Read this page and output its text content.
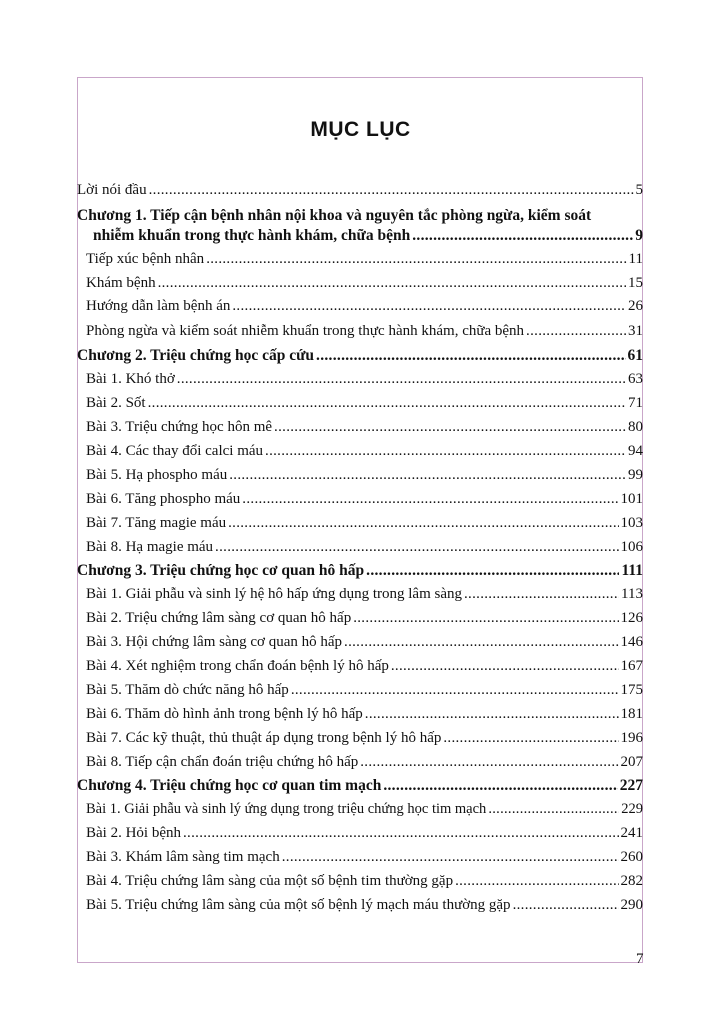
MỤC LỤC
Lời nói đầu .....	5
Chương 1. Tiếp cận bệnh nhân nội khoa và nguyên tắc phòng ngừa, kiểm soát
nhiễm khuẩn trong thực hành khám, chữa bệnh .....	9
Tiếp xúc bệnh nhân .....	11
Khám bệnh .....	15
Hướng dẫn làm bệnh án .....	26
Phòng ngừa và kiểm soát nhiễm khuẩn trong thực hành khám, chữa bệnh .....	31
Chương 2. Triệu chứng học cấp cứu .....	61
Bài 1. Khó thở .....	63
Bài 2. Sốt .....	71
Bài 3. Triệu chứng học hôn mê .....	80
Bài 4. Các thay đổi calci máu .....	94
Bài 5. Hạ phospho máu .....	99
Bài 6. Tăng phospho máu .....	101
Bài 7. Tăng magie máu .....	103
Bài 8. Hạ magie máu .....	106
Chương 3. Triệu chứng học cơ quan hô hấp .....	111
Bài 1. Giải phẫu và sinh lý hệ hô hấp ứng dụng trong lâm sàng .....	113
Bài 2. Triệu chứng lâm sàng cơ quan hô hấp .....	126
Bài 3. Hội chứng lâm sàng cơ quan hô hấp .....	146
Bài 4. Xét nghiệm trong chẩn đoán bệnh lý hô hấp .....	167
Bài 5. Thăm dò chức năng hô hấp .....	175
Bài 6. Thăm dò hình ảnh trong bệnh lý hô hấp .....	181
Bài 7. Các kỹ thuật, thủ thuật áp dụng trong bệnh lý hô hấp .....	196
Bài 8. Tiếp cận chẩn đoán triệu chứng hô hấp .....	207
Chương 4. Triệu chứng học cơ quan tim mạch .....	227
Bài 1. Giải phẫu và sinh lý ứng dụng trong triệu chứng học tim mạch .....	229
Bài 2. Hỏi bệnh .....	241
Bài 3. Khám lâm sàng tim mạch .....	260
Bài 4. Triệu chứng lâm sàng của một số bệnh tim thường gặp .....	282
Bài 5. Triệu chứng lâm sàng của một số bệnh lý mạch máu thường gặp .....	290
7
